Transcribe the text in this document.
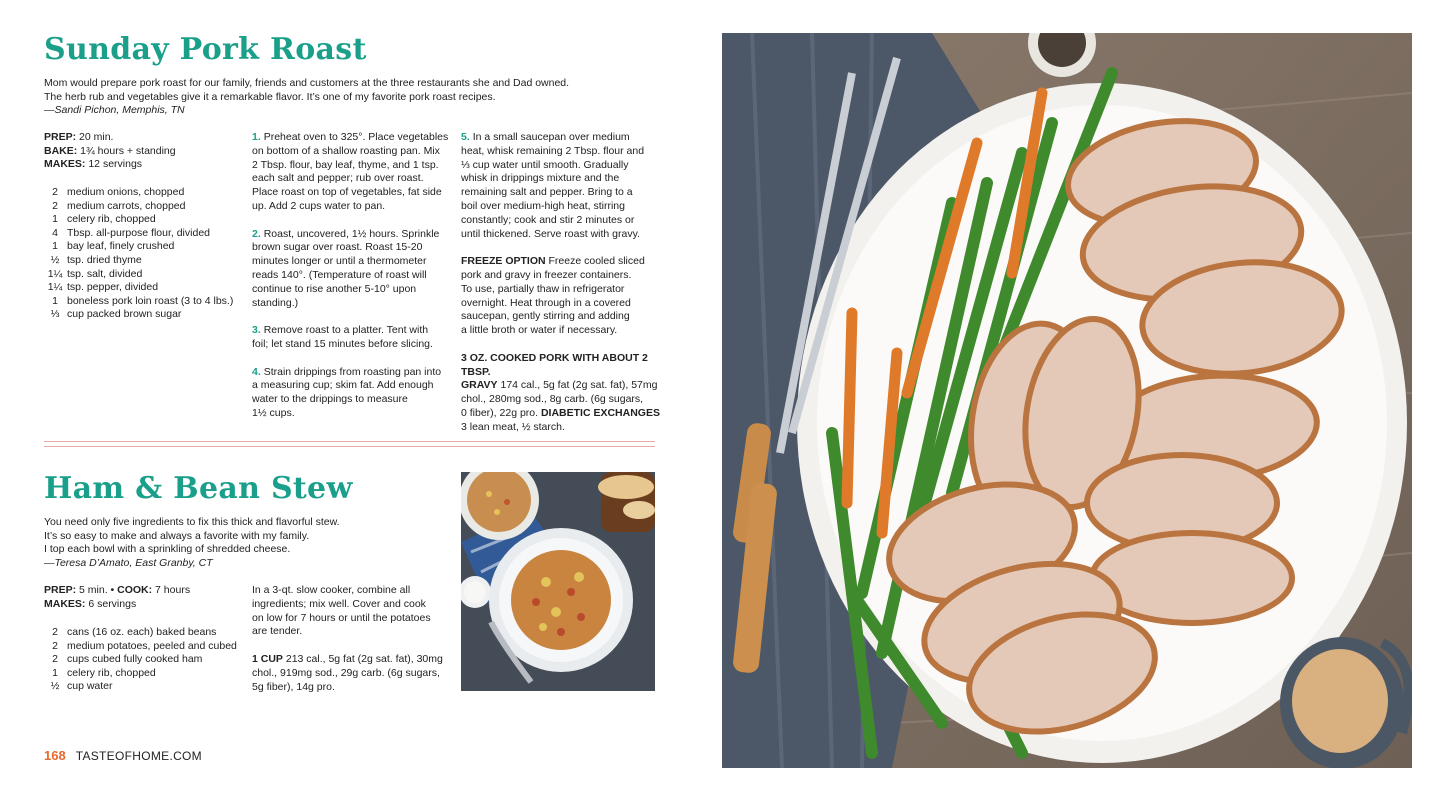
Sunday Pork Roast
Mom would prepare pork roast for our family, friends and customers at the three restaurants she and Dad owned.
The herb rub and vegetables give it a remarkable flavor. It’s one of my favorite pork roast recipes.
—Sandi Pichon, Memphis, TN
PREP: 20 min.
BAKE: 1¾ hours + standing
MAKES: 12 servings
2 medium onions, chopped
2 medium carrots, chopped
1 celery rib, chopped
4 Tbsp. all-purpose flour, divided
1 bay leaf, finely crushed
½ tsp. dried thyme
1¼ tsp. salt, divided
1¼ tsp. pepper, divided
1 boneless pork loin roast (3 to 4 lbs.)
⅓ cup packed brown sugar

1. Preheat oven to 325°. Place vegetables
on bottom of a shallow roasting pan. Mix
2 Tbsp. flour, bay leaf, thyme, and 1 tsp.
each salt and pepper; rub over roast.
Place roast on top of vegetables, fat side
up. Add 2 cups water to pan.

2. Roast, uncovered, 1½ hours. Sprinkle
brown sugar over roast. Roast 15-20
minutes longer or until a thermometer
reads 140°. (Temperature of roast will
continue to rise another 5-10° upon
standing.)

3. Remove roast to a platter. Tent with
foil; let stand 15 minutes before slicing.

4. Strain drippings from roasting pan into
a measuring cup; skim fat. Add enough
water to the drippings to measure
1½ cups.

5. In a small saucepan over medium
heat, whisk remaining 2 Tbsp. flour and
⅓ cup water until smooth. Gradually
whisk in drippings mixture and the
remaining salt and pepper. Bring to a
boil over medium-high heat, stirring
constantly; cook and stir 2 minutes or
until thickened. Serve roast with gravy.

FREEZE OPTION Freeze cooled sliced
pork and gravy in freezer containers.
To use, partially thaw in refrigerator
overnight. Heat through in a covered
saucepan, gently stirring and adding
a little broth or water if necessary.

3 OZ. COOKED PORK WITH ABOUT 2 TBSP.
GRAVY 174 cal., 5g fat (2g sat. fat), 57mg
chol., 280mg sod., 8g carb. (6g sugars,
0 fiber), 22g pro. DIABETIC EXCHANGES
3 lean meat, ½ starch.

Ham & Bean Stew
You need only five ingredients to fix this thick and flavorful stew.
It’s so easy to make and always a favorite with my family.
I top each bowl with a sprinkling of shredded cheese.
—Teresa D’Amato, East Granby, CT
PREP: 5 min. • COOK: 7 hours
MAKES: 6 servings
2 cans (16 oz. each) baked beans
2 medium potatoes, peeled and cubed
2 cups cubed fully cooked ham
1 celery rib, chopped
½ cup water

In a 3-qt. slow cooker, combine all
ingredients; mix well. Cover and cook
on low for 7 hours or until the potatoes
are tender.

1 CUP 213 cal., 5g fat (2g sat. fat), 30mg
chol., 919mg sod., 29g carb. (6g sugars,
5g fiber), 14g pro.

168 TASTEOFHOME.COM
